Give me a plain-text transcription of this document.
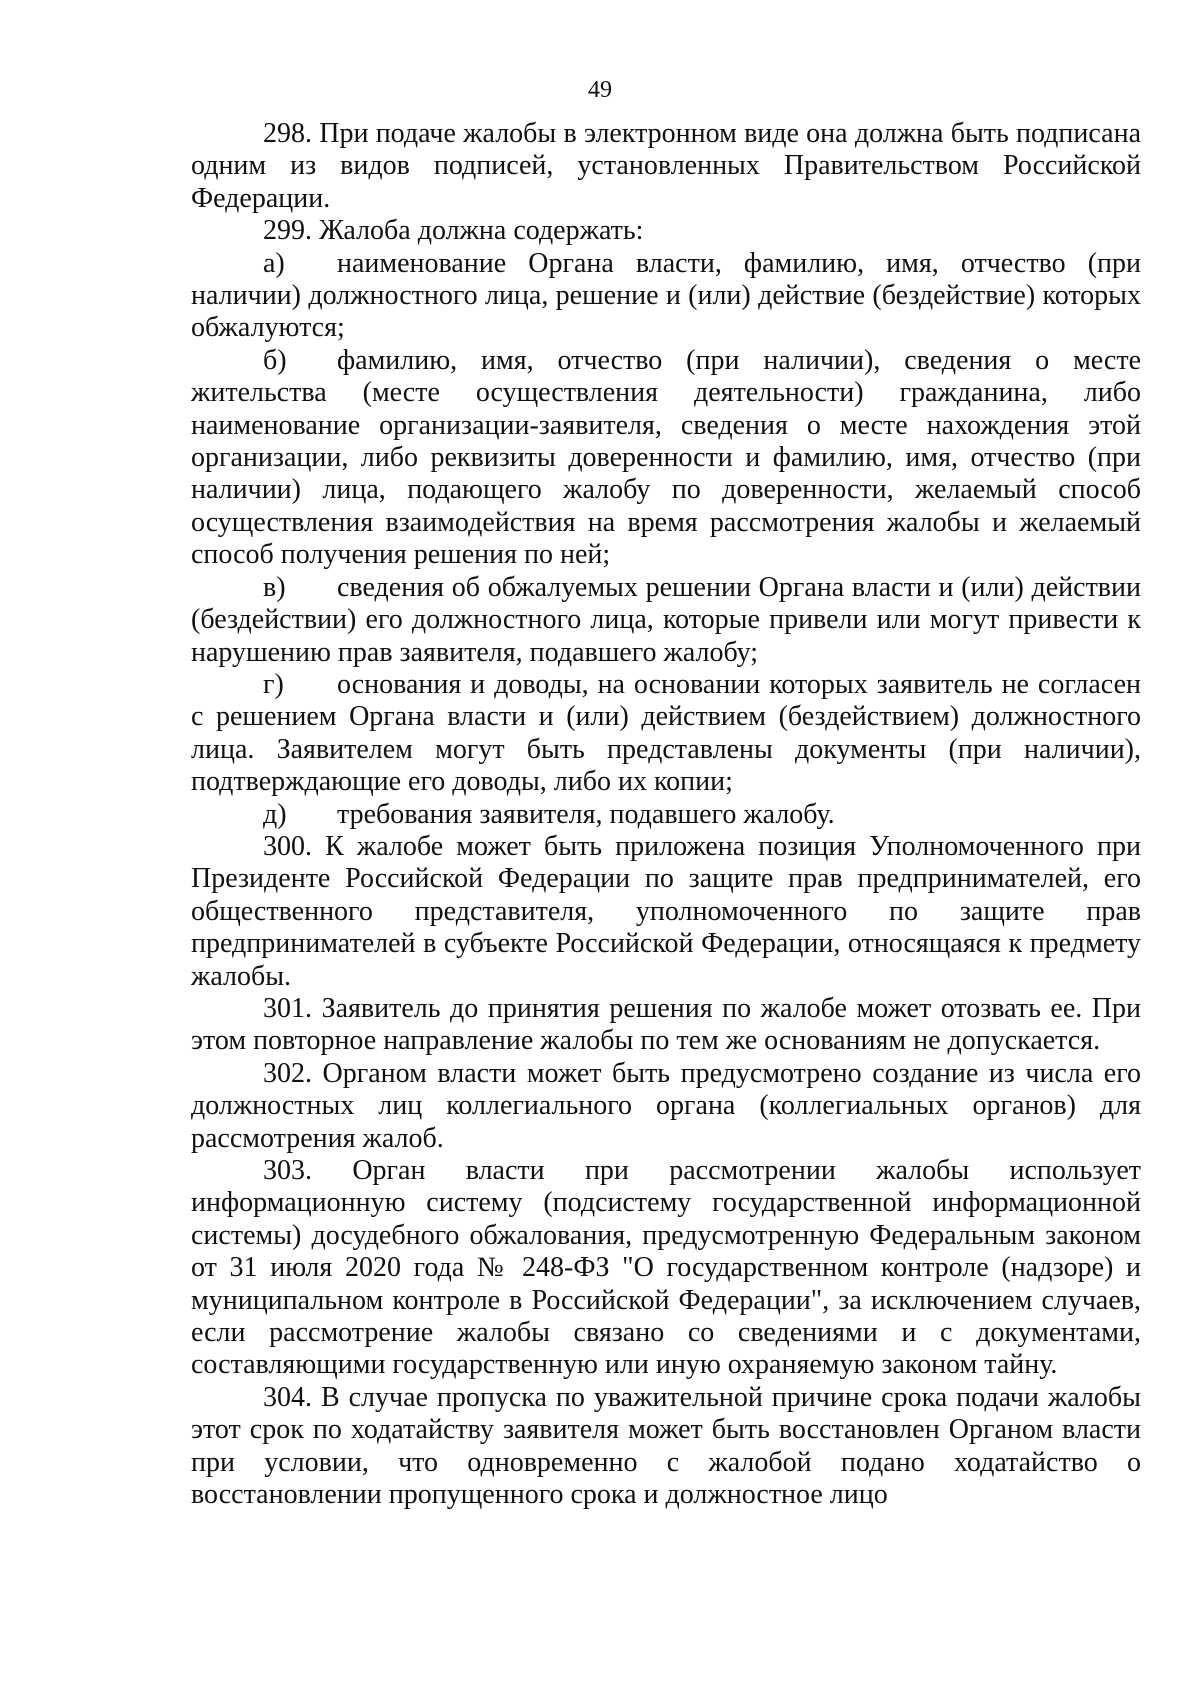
49

298. При подаче жалобы в электронном виде она должна быть подписана одним из видов подписей, установленных Правительством Российской Федерации.

299. Жалоба должна содержать:

а) наименование Органа власти, фамилию, имя, отчество (при наличии) должностного лица, решение и (или) действие (бездействие) которых обжалуются;

б) фамилию, имя, отчество (при наличии), сведения о месте жительства (месте осуществления деятельности) гражданина, либо наименование организации-заявителя, сведения о месте нахождения этой организации, либо реквизиты доверенности и фамилию, имя, отчество (при наличии) лица, подающего жалобу по доверенности, желаемый способ осуществления взаимодействия на время рассмотрения жалобы и желаемый способ получения решения по ней;

в) сведения об обжалуемых решении Органа власти и (или) действии (бездействии) его должностного лица, которые привели или могут привести к нарушению прав заявителя, подавшего жалобу;

г) основания и доводы, на основании которых заявитель не согласен с решением Органа власти и (или) действием (бездействием) должностного лица. Заявителем могут быть представлены документы (при наличии), подтверждающие его доводы, либо их копии;

д) требования заявителя, подавшего жалобу.

300. К жалобе может быть приложена позиция Уполномоченного при Президенте Российской Федерации по защите прав предпринимателей, его общественного представителя, уполномоченного по защите прав предпринимателей в субъекте Российской Федерации, относящаяся к предмету жалобы.

301. Заявитель до принятия решения по жалобе может отозвать ее. При этом повторное направление жалобы по тем же основаниям не допускается.

302. Органом власти может быть предусмотрено создание из числа его должностных лиц коллегиального органа (коллегиальных органов) для рассмотрения жалоб.

303. Орган власти при рассмотрении жалобы использует информационную систему (подсистему государственной информационной системы) досудебного обжалования, предусмотренную Федеральным законом от 31 июля 2020 года № 248-ФЗ "О государственном контроле (надзоре) и муниципальном контроле в Российской Федерации", за исключением случаев, если рассмотрение жалобы связано со сведениями и с документами, составляющими государственную или иную охраняемую законом тайну.

304. В случае пропуска по уважительной причине срока подачи жалобы этот срок по ходатайству заявителя может быть восстановлен Органом власти при условии, что одновременно с жалобой подано ходатайство о восстановлении пропущенного срока и должностное лицо
